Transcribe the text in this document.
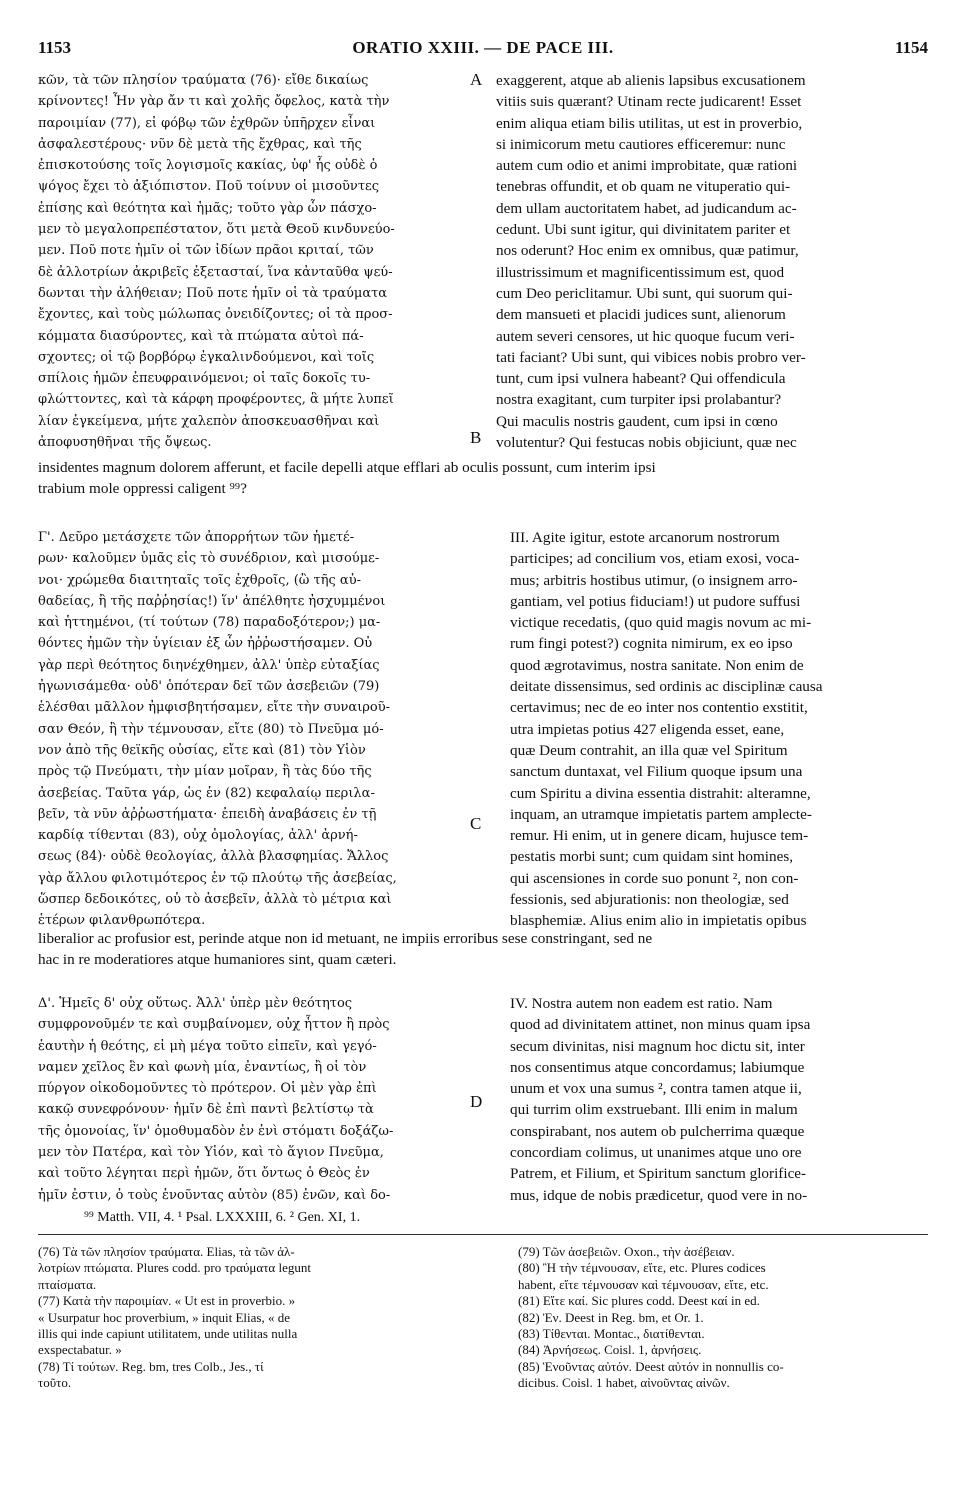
1153	ORATIO XXIII. — DE PACE III.	1154
A
B
C
D
κῶν, τὰ τῶν πλησίον τραύματα (76)· εἴθε δικαίως
κρίνοντες! Ἦν γὰρ ἄν τι καὶ χολῆς ὄφελος, κατὰ τὴν
παροιμίαν (77), εἰ φόβῳ τῶν ἐχθρῶν ὑπῆρχεν εἶναι
ἀσφαλεστέρους· νῦν δὲ μετὰ τῆς ἔχθρας, καὶ τῆς
ἐπισκοτούσης τοῖς λογισμοῖς κακίας, ὑφ' ἧς οὐδὲ ὁ
ψόγος ἔχει τὸ ἀξιόπιστον. Ποῦ τοίνυν οἱ μισοῦντες
ἐπίσης καὶ θεότητα καὶ ἡμᾶς; τοῦτο γὰρ ὧν πάσχο-
μεν τὸ μεγαλοπρεπέστατον, ὅτι μετὰ Θεοῦ κινδυνεύο-
μεν. Ποῦ ποτε ἡμῖν οἱ τῶν ἰδίων πρᾶοι κριταί, τῶν
δὲ ἀλλοτρίων ἀκριβεῖς ἐξετασταί, ἵνα κἀνταῦθα ψεύ-
δωνται τὴν ἀλήθειαν; Ποῦ ποτε ἡμῖν οἱ τὰ τραύματα
ἔχοντες, καὶ τοὺς μώλωπας ὀνειδίζοντες; οἱ τὰ προσ-
κόμματα διασύροντες, καὶ τὰ πτώματα αὐτοὶ πά-
σχοντες; οἱ τῷ βορβόρῳ ἐγκαλινδούμενοι, καὶ τοῖς
σπίλοις ἡμῶν ἐπευφραινόμενοι; οἱ ταῖς δοκοῖς τυ-
φλώττοντες, καὶ τὰ κάρφη προφέροντες, ἃ μήτε λυπεῖ
λίαν ἐγκείμενα, μήτε χαλεπὸν ἀποσκευασθῆναι καὶ
ἀποφυσηθῆναι τῆς ὄψεως.
exaggerent, atque ab alienis lapsibus excusationem
vitiis suis quærant? Utinam recte judicarent! Esset
enim aliqua etiam bilis utilitas, ut est in proverbio,
si inimicorum metu cautiores efficeremur: nunc
autem cum odio et animi improbitate, quæ rationi
tenebras offundit, et ob quam ne vituperatio qui-
dem ullam auctoritatem habet, ad judicandum ac-
cedunt. Ubi sunt igitur, qui divinitatem pariter et
nos oderunt? Hoc enim ex omnibus, quæ patimur,
illustrissimum et magnificentissimum est, quod
cum Deo periclitamur. Ubi sunt, qui suorum qui-
dem mansueti et placidi judices sunt, alienorum
autem severi censores, ut hic quoque fucum veri-
tati faciant? Ubi sunt, qui vibices nobis probro ver-
tunt, cum ipsi vulnera habeant? Qui offendicula
nostra exagitant, cum turpiter ipsi prolabantur?
Qui maculis nostris gaudent, cum ipsi in cœno
volutentur? Qui festucas nobis objiciunt, quæ nec
insidentes magnum dolorem afferunt, et facile depelli atque efflari ab oculis possunt, cum interim ipsi
trabium mole oppressi caligent ⁹⁹?
Γ'. Δεῦρο μετάσχετε τῶν ἀπορρήτων τῶν ἡμετέ-
ρων· καλοῦμεν ὑμᾶς εἰς τὸ συνέδριον, καὶ μισούμε-
νοι· χρώμεθα διαιτηταῖς τοῖς ἐχθροῖς, (ὢ τῆς αὐ-
θαδείας, ἢ τῆς παῤῥησίας!) ἵν' ἀπέλθητε ἠσχυμμένοι
καὶ ἡττημένοι, (τί τούτων (78) παραδοξότερον;) μα-
θόντες ἡμῶν τὴν ὑγίειαν ἐξ ὧν ἠῤῥωστήσαμεν. Οὐ
γὰρ περὶ θεότητος διηνέχθημεν, ἀλλ' ὑπὲρ εὐταξίας
ἠγωνισάμεθα· οὐδ' ὁπότεραν δεῖ τῶν ἀσεβειῶν (79)
ἑλέσθαι μᾶλλον ἠμφισβητήσαμεν, εἴτε τὴν συναιροῦ-
σαν Θεόν, ἢ τὴν τέμνουσαν, εἴτε (80) τὸ Πνεῦμα μό-
νον ἀπὸ τῆς θεϊκῆς οὐσίας, εἴτε καὶ (81) τὸν Υἱὸν
πρὸς τῷ Πνεύματι, τὴν μίαν μοῖραν, ἢ τὰς δύο τῆς
ἀσεβείας. Ταῦτα γάρ, ὡς ἐν (82) κεφαλαίῳ περιλα-
βεῖν, τὰ νῦν ἀῤῥωστήματα· ἐπειδὴ ἀναβάσεις ἐν τῇ
καρδίᾳ τίθενται (83), οὐχ ὁμολογίας, ἀλλ' ἀρνή-
σεως (84)· οὐδὲ θεολογίας, ἀλλὰ βλασφημίας. Ἄλλος
γὰρ ἄλλου φιλοτιμότερος ἐν τῷ πλούτῳ τῆς ἀσεβείας,
ὥσπερ δεδοικότες, οὐ τὸ ἀσεβεῖν, ἀλλὰ τὸ μέτρια καὶ
ἑτέρων φιλανθρωπότερα.
III. Agite igitur, estote arcanorum nostrorum
participes; ad concilium vos, etiam exosi, voca-
mus; arbitris hostibus utimur, (o insignem arro-
gantiam, vel potius fiduciam!) ut pudore suffusi
victique recedatis, (quo quid magis novum ac mi-
rum fingi potest?) cognita nimirum, ex eo ipso
quod ægrotavimus, nostra sanitate. Non enim de
deitate dissensimus, sed ordinis ac disciplinæ causa
certavimus; nec de eo inter nos contentio exstitit,
utra impietas potius 427 eligenda esset, eane,
quæ Deum contrahit, an illa quæ vel Spiritum
sanctum duntaxat, vel Filium quoque ipsum una
cum Spiritu a divina essentia distrahit: alteramne,
inquam, an utramque impietatis partem amplecte-
remur. Hi enim, ut in genere dicam, hujusce tem-
pestatis morbi sunt; cum quidam sint homines,
qui ascensiones in corde suo ponunt ², non con-
fessionis, sed abjurationis: non theologiæ, sed
blasphemiæ. Alius enim alio in impietatis opibus
liberalior ac profusior est, perinde atque non id metuant, ne impiis erroribus sese constringant, sed ne
hac in re moderatiores atque humaniores sint, quam cæteri.
Δ'. Ἡμεῖς δ' οὐχ οὕτως. Ἀλλ' ὑπὲρ μὲν θεότητος
συμφρονοῦμέν τε καὶ συμβαίνομεν, οὐχ ἧττον ἢ πρὸς
ἑαυτὴν ἡ θεότης, εἰ μὴ μέγα τοῦτο εἰπεῖν, καὶ γεγό-
ναμεν χεῖλος ἓν καὶ φωνὴ μία, ἐναντίως, ἢ οἱ τὸν
πύργον οἰκοδομοῦντες τὸ πρότερον. Οἱ μὲν γὰρ ἐπὶ
κακῷ συνεφρόνουν· ἡμῖν δὲ ἐπὶ παντὶ βελτίστῳ τὰ
τῆς ὁμονοίας, ἵν' ὁμοθυμαδὸν ἐν ἑνὶ στόματι δοξάζω-
μεν τὸν Πατέρα, καὶ τὸν Υἱόν, καὶ τὸ ἅγιον Πνεῦμα,
καὶ τοῦτο λέγηται περὶ ἡμῶν, ὅτι ὄντως ὁ Θεὸς ἐν
ἡμῖν ἐστιν, ὁ τοὺς ἑνοῦντας αὐτὸν (85) ἑνῶν, καὶ δο-
IV. Nostra autem non eadem est ratio. Nam
quod ad divinitatem attinet, non minus quam ipsa
secum divinitas, nisi magnum hoc dictu sit, inter
nos consentimus atque concordamus; labiumque
unum et vox una sumus ², contra tamen atque ii,
qui turrim olim exstruebant. Illi enim in malum
conspirabant, nos autem ob pulcherrima quæque
concordiam colimus, ut unanimes atque uno ore
Patrem, et Filium, et Spiritum sanctum glorifice-
mus, idque de nobis prædicetur, quod vere in no-
⁹⁹ Matth. VII, 4. ¹ Psal. LXXXIII, 6. ² Gen. XI, 1.
(76) Τὰ τῶν πλησίον τραύματα. Elias, τὰ τῶν ἀλ-
λοτρίων πτώματα. Plures codd. pro τραύματα legunt
πταίσματα.
(77) Κατὰ τὴν παροιμίαν. « Ut est in proverbio. »
« Usurpatur hoc proverbium, » inquit Elias, « de
illis qui inde capiunt utilitatem, unde utilitas nulla
exspectabatur. »
(78) Τί τούτων. Reg. bm, tres Colb., Jes., τί
τοῦτο.
(79) Τῶν ἀσεβειῶν. Oxon., τὴν ἀσέβειαν.
(80) Ἢ τὴν τέμνουσαν, εἴτε, etc. Plures codices
habent, εἴτε τέμνουσαν καὶ τέμνουσαν, εἴτε, etc.
(81) Εἴτε καί. Sic plures codd. Deest καί in ed.
(82) Ἐν. Deest in Reg. bm, et Or. 1.
(83) Τίθενται. Montac., διατίθενται.
(84) Ἀρνήσεως. Coisl. 1, ἀρνήσεις.
(85) Ἑνοῦντας αὐτόν. Deest αὐτόν in nonnullis co-
dicibus. Coisl. 1 habet, αἰνοῦντας αἰνῶν.
